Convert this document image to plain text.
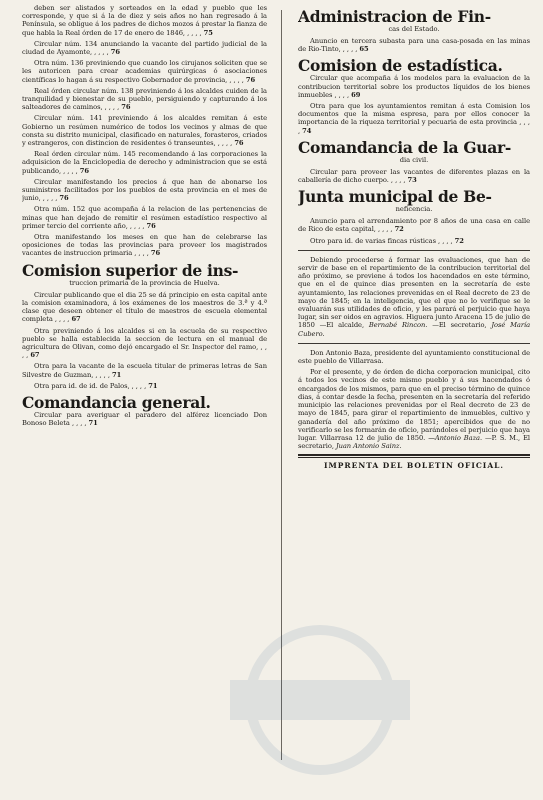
deben ser alistados y sorteados en la edad y pueblo que les corresponde, y que si á la de diez y seis años no han regresado á la Península, se obligue á los padres de dichos mozos á prestar la fianza de que habla la Real órden de 17 de enero de 1846, , , , , 75

Circular núm. 134 anunciando la vacante del partido judicial de la ciudad de Ayamonte, , , , , 76

Otra núm. 136 previniendo que cuando los cirujanos soliciten que se les autoricen para crear academias quirúrgicas ó asociaciones científicas lo hagan á su respectivo Gobernador de provincia, , , , , 76

Real órden circular núm. 138 previniendo á los alcaldes cuiden de la tranquilidad y bienestar de su pueblo, persiguiendo y capturando á los salteadores de caminos, , , , , 76

Circular núm. 141 previniendo á los alcaldes remitan á este Gobierno un resúmen numérico de todos los vecinos y almas de que consta su distrito municipal, clasificado en naturales, forasteros, criados y estrangeros, con distincion de residentes ó transeuntes, , , , , 76

Real órden circular núm. 145 recomendando á las corporaciones la adquisicion de la Enciclopedia de derecho y administracion que se está publicando, , , , , 76

Circular manifestando los precios á que han de abonarse los suministros facilitados por los pueblos de esta provincia en el mes de junio, , , , , 76

Otra núm. 152 que acompaña á la relacion de las pertenencias de minas que han dejado de remitir el resúmen estadístico respectivo al primer tercio del corriente año, , , , , 76

Otra manifestando los meses en que han de celebrarse las oposiciones de todas las provincias para proveer los magistrados vacantes de instruccion primaria , , , , 76

Comision superior de ins-
truccion primaria de la provincia de Huelva.

Circular publicando que el dia 25 se dá principio en esta capital ante la comision examinadora, á los exámenes de los maestros de 3.ª y 4.ª clase que deseen obtener el título de maestros de escuela elemental completa , , , , 67

Otra previniendo á los alcaldes si en la escuela de su respectivo pueblo se halla establecida la seccion de lectura en el manual de agricultura de Olivan, como dejó encargado el Sr. Inspector del ramo, , , , , 67

Otra para la vacante de la escuela titular de primeras letras de San Silvestre de Guzman, , , , , 71

Otra para id. de id. de Palos, , , , , 71

Comandancia general.

Circular para averiguar el paradero del alférez licenciado Don Bonoso Beleta , , , , 71

Administracion de Fin-
cas del Estado.

Anuncio en tercera subasta para una casa-posada en las minas de Rio-Tinto, , , , , 65

Comision de estadística.

Circular que acompaña á los modelos para la evaluacion de la contribucion territorial sobre los productos líquidos de los bienes inmuebles , , , , 69

Otra para que los ayuntamientos remitan á esta Comision los documentos que la misma espresa, para por ellos conocer la importancia de la riqueza territorial y pecuaria de esta provincia , , , , 74

Comandancia de la Guar-
dia civil.

Circular para proveer las vacantes de diferentes plazas en la caballería de dicho cuerpo. , , , , 73

Junta municipal de Be-
neficencia.

Anuncio para el arrendamiento por 8 años de una casa en calle de Rico de esta capital, , , , , 72

Otro para id. de varias fincas rústicas , , , , 72

Debiendo procederse á formar las evaluaciones, que han de servir de base en el repartimiento de la contribucion territorial del año próximo, se previene á todos los hacendados en este término, que en el de quince dias presenten en la secretaría de este ayuntamiento, las relaciones prevenidas en el Real decreto de 23 de mayo de 1845; en la inteligencia, que el que no lo verifique se le evaluarán sus utilidades de oficio, y les parará el perjuicio que haya lugar, sin ser oidos en agravios. Higuera junto Aracena 15 de julio de 1850 —El alcalde, Bernabé Rincon. —El secretario, José María Cubero.

Don Antonio Baza, presidente del ayuntamiento constitucional de este pueblo de Villarrasa.

Por el presente, y de órden de dicha corporacion municipal, cito á todos los vecinos de este mismo pueblo y á sus hacendados ó encargados de los mismos, para que en el preciso término de quince dias, á contar desde la fecha, presenten en la secretaría del referido municipio las relaciones prevenidas por el Real decreto de 23 de mayo de 1845, para girar el repartimiento de inmuebles, cultivo y ganadería del año próximo de 1851; apercibidos que de no verificarlo se les formarán de oficio, parándoles el perjuicio que haya lugar. Villarrasa 12 de julio de 1850. —Antonio Baza. —P. S. M., El secretario, Juan Antonio Sainz.

IMPRENTA DEL BOLETIN OFICIAL.
